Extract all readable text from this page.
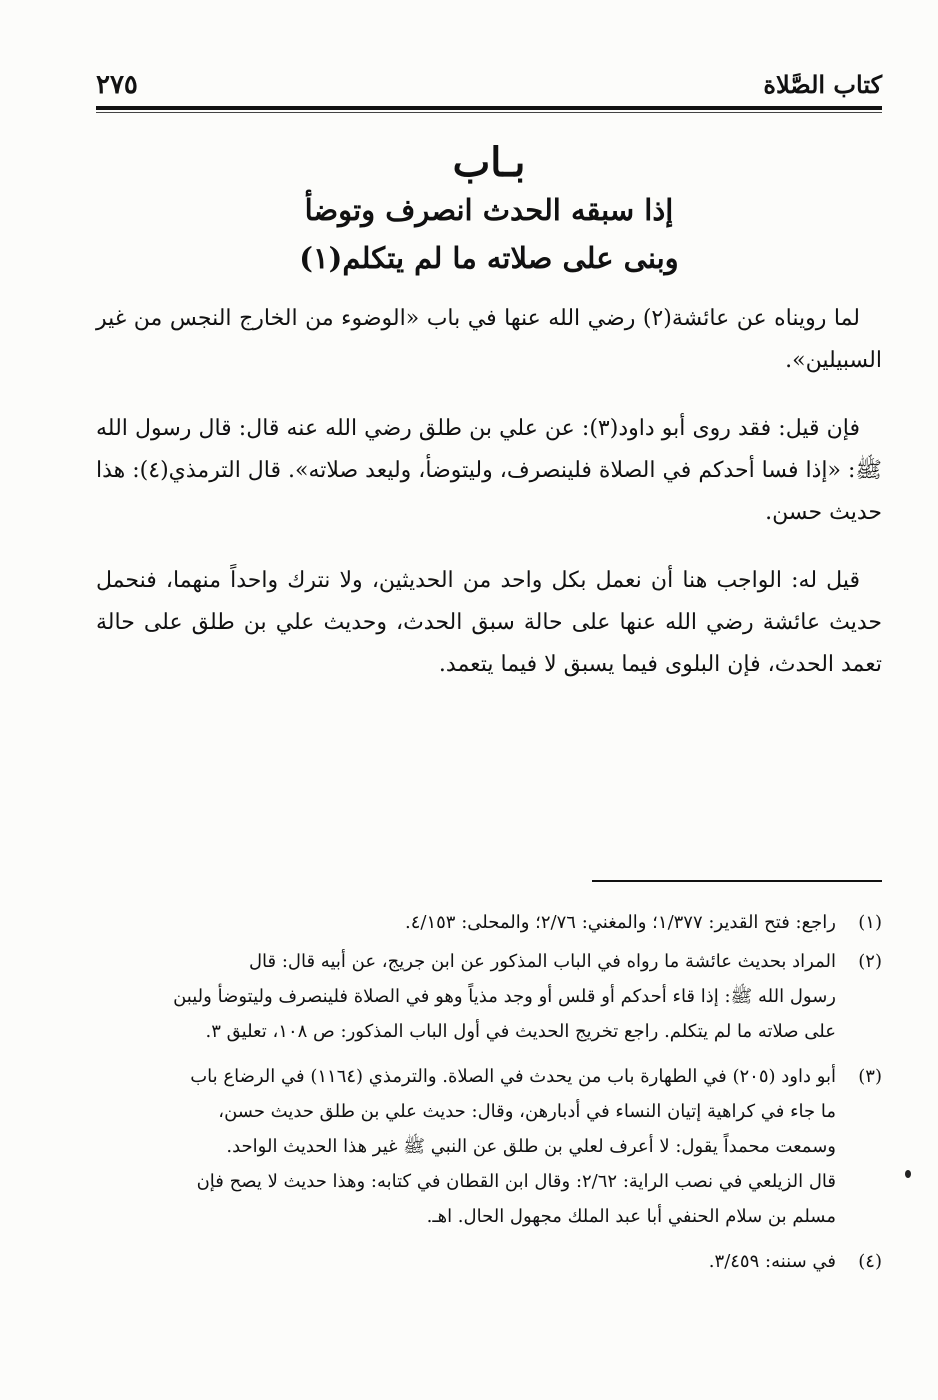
كتاب الصَّلاة
٢٧٥
بـاب
إذا سبقه الحدث انصرف وتوضأ
وبنى على صلاته ما لم يتكلم(١)

لما رويناه عن عائشة(٢) رضي الله عنها في باب «الوضوء من الخارج النجس من غير السبيلين».

فإن قيل: فقد روى أبو داود(٣): عن علي بن طلق رضي الله عنه قال: قال رسول الله ﷺ: «إذا فسا أحدكم في الصلاة فلينصرف، وليتوضأ، وليعد صلاته». قال الترمذي(٤): هذا حديث حسن.

قيل له: الواجب هنا أن نعمل بكل واحد من الحديثين، ولا نترك واحداً منهما، فنحمل حديث عائشة رضي الله عنها على حالة سبق الحدث، وحديث علي بن طلق على حالة تعمد الحدث، فإن البلوى فيما يسبق لا فيما يتعمد.

(١)
راجع: فتح القدير: ١/٣٧٧؛ والمغني: ٢/٧٦؛ والمحلى: ٤/١٥٣.
(٢)
المراد بحديث عائشة ما رواه في الباب المذكور عن ابن جريج، عن أبيه قال: قال
رسول الله ﷺ: إذا قاء أحدكم أو قلس أو وجد مذياً وهو في الصلاة فلينصرف وليتوضأ وليبن
على صلاته ما لم يتكلم. راجع تخريج الحديث في أول الباب المذكور: ص ١٠٨، تعليق ٣.
(٣)
أبو داود (٢٠٥) في الطهارة باب من يحدث في الصلاة. والترمذي (١١٦٤) في الرضاع باب
ما جاء في كراهية إتيان النساء في أدبارهن، وقال: حديث علي بن طلق حديث حسن،
وسمعت محمداً يقول: لا أعرف لعلي بن طلق عن النبي ﷺ غير هذا الحديث الواحد.
قال الزيلعي في نصب الراية: ٢/٦٢: وقال ابن القطان في كتابه: وهذا حديث لا يصح فإن
مسلم بن سلام الحنفي أبا عبد الملك مجهول الحال. اهـ.
(٤)
في سننه: ٣/٤٥٩.
